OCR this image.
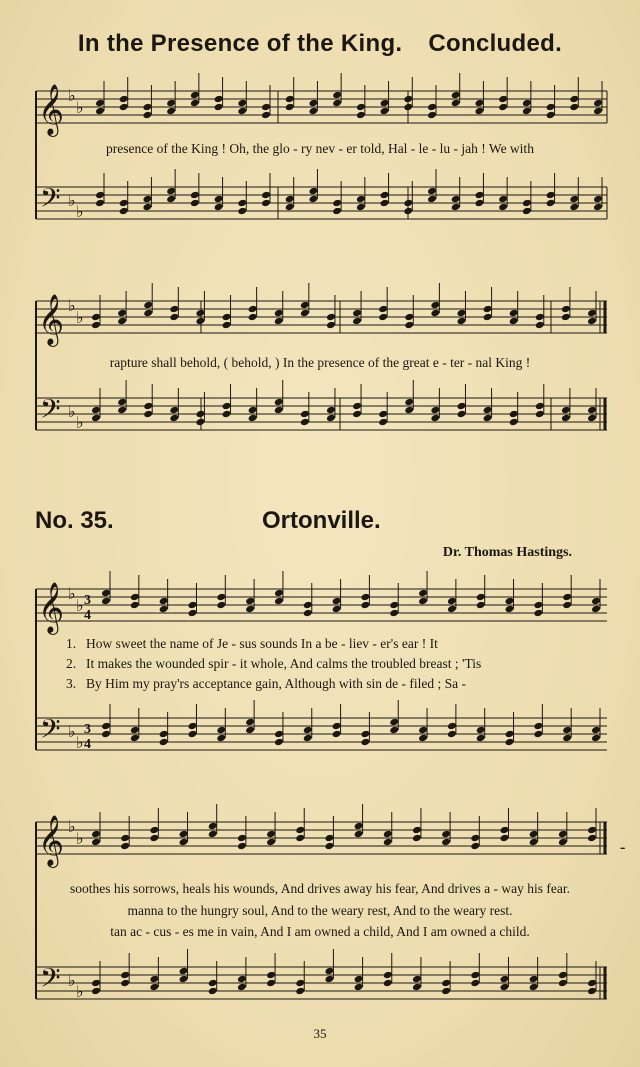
In the Presence of the King. Concluded.
𝄞
𝄢
𝄞
𝄢
𝄞
𝄢
𝄞
𝄢
♭
♭
♭
♭
♭
♭
♭
♭
♭
♭
♭
♭
♭
♭
♭
♭
3
4
3
4
presence of the King ! Oh, the glo - ry nev - er told, Hal - le - lu - jah ! We with
rapture shall behold, ( behold, ) In the presence of the great e - ter - nal King !
No. 35.	Ortonville.
Dr. Thomas Hastings.
1. How sweet the name of Je - sus sounds In a be - liev - er's ear ! It
2. It makes the wounded spir - it whole, And calms the troubled breast ; 'Tis
3. By Him my pray'rs acceptance gain, Although with sin de - filed ; Sa -
soothes his sorrows, heals his wounds, And drives away his fear, And drives a - way his fear.
manna to the hungry soul, And to the weary rest, And to the weary rest.
tan ac - cus - es me in vain, And I am owned a child, And I am owned a child.
-
35
